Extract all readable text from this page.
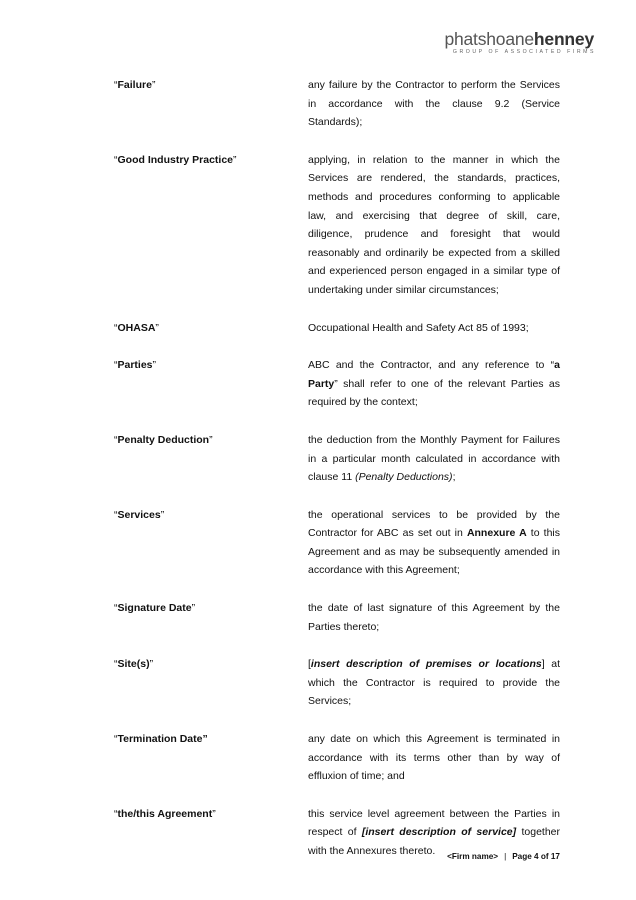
phatshoanehenney
GROUP OF ASSOCIATED FIRMS
“Failure”	any failure by the Contractor to perform the Services in accordance with the clause 9.2 (Service Standards);
“Good Industry Practice”	applying, in relation to the manner in which the Services are rendered, the standards, practices, methods and procedures conforming to applicable law, and exercising that degree of skill, care, diligence, prudence and foresight that would reasonably and ordinarily be expected from a skilled and experienced person engaged in a similar type of undertaking under similar circumstances;
“OHASA”	Occupational Health and Safety Act 85 of 1993;
“Parties”	ABC and the Contractor, and any reference to “a Party” shall refer to one of the relevant Parties as required by the context;
“Penalty Deduction”	the deduction from the Monthly Payment for Failures in a particular month calculated in accordance with clause 11 (Penalty Deductions);
“Services”	the operational services to be provided by the Contractor for ABC as set out in Annexure A to this Agreement and as may be subsequently amended in accordance with this Agreement;
“Signature Date”	the date of last signature of this Agreement by the Parties thereto;
“Site(s)”	[insert description of premises or locations] at which the Contractor is required to provide the Services;
“Termination Date”	any date on which this Agreement is terminated in accordance with its terms other than by way of effluxion of time; and
“the/this Agreement”	this service level agreement between the Parties in respect of [insert description of service] together with the Annexures thereto.	<Firm name> | Page 4 of 17
